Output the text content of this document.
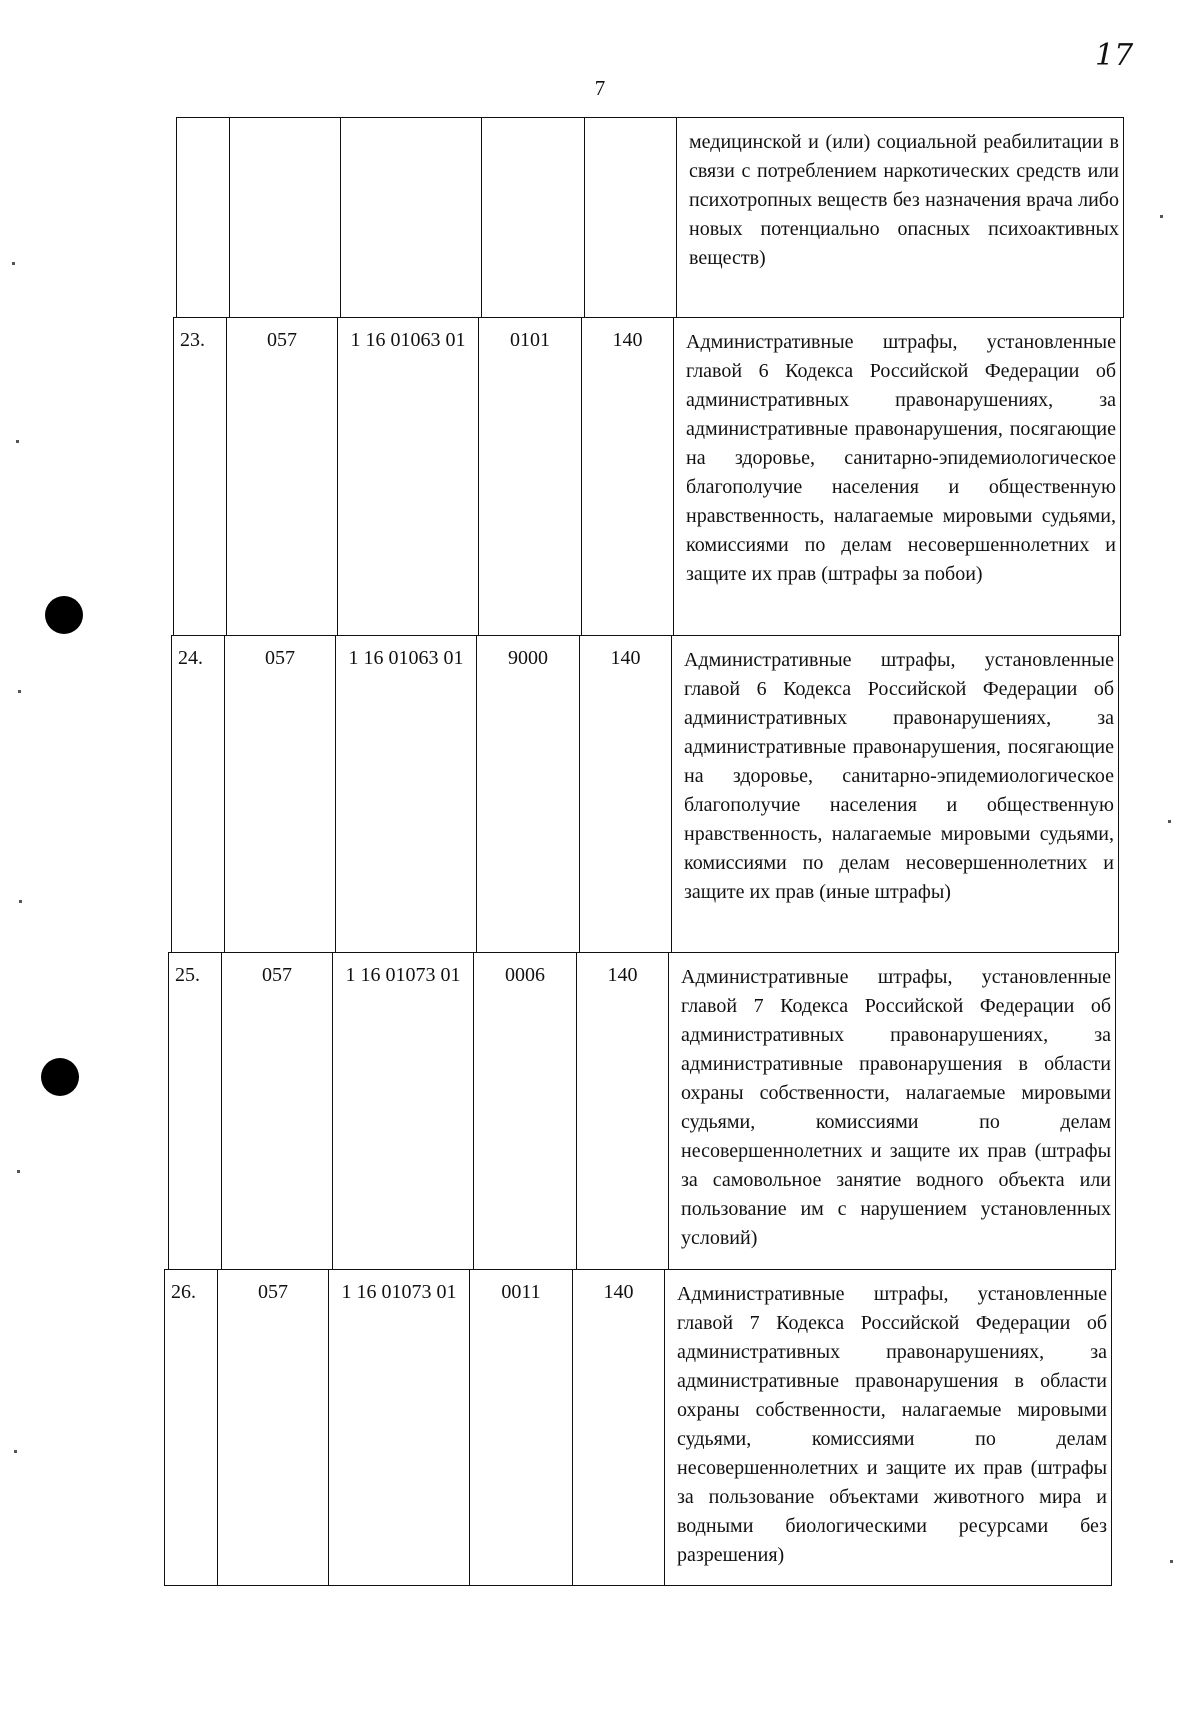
7
17
					медицинской и (или) социальной реабилитации в связи с потреблением наркотических средств или психотропных веществ без назначения врача либо новых потенциально опасных психоактивных веществ)
23.	057	1 16 01063 01	0101	140	Административные штрафы, установленные главой 6 Кодекса Российской Федерации об административных правонарушениях, за административные правонарушения, посягающие на здоровье, санитарно-эпидемиологическое благополучие населения и общественную нравственность, налагаемые мировыми судьями, комиссиями по делам несовершеннолетних и защите их прав (штрафы за побои)
24.	057	1 16 01063 01	9000	140	Административные штрафы, установленные главой 6 Кодекса Российской Федерации об административных правонарушениях, за административные правонарушения, посягающие на здоровье, санитарно-эпидемиологическое благополучие населения и общественную нравственность, налагаемые мировыми судьями, комиссиями по делам несовершеннолетних и защите их прав (иные штрафы)
25.	057	1 16 01073 01	0006	140	Административные штрафы, установленные главой 7 Кодекса Российской Федерации об административных правонарушениях, за административные правонарушения в области охраны собственности, налагаемые мировыми судьями, комиссиями по делам несовершеннолетних и защите их прав (штрафы за самовольное занятие водного объекта или пользование им с нарушением установленных условий)
26.	057	1 16 01073 01	0011	140	Административные штрафы, установленные главой 7 Кодекса Российской Федерации об административных правонарушениях, за административные правонарушения в области охраны собственности, налагаемые мировыми судьями, комиссиями по делам несовершеннолетних и защите их прав (штрафы за пользование объектами животного мира и водными биологическими ресурсами без разрешения)
